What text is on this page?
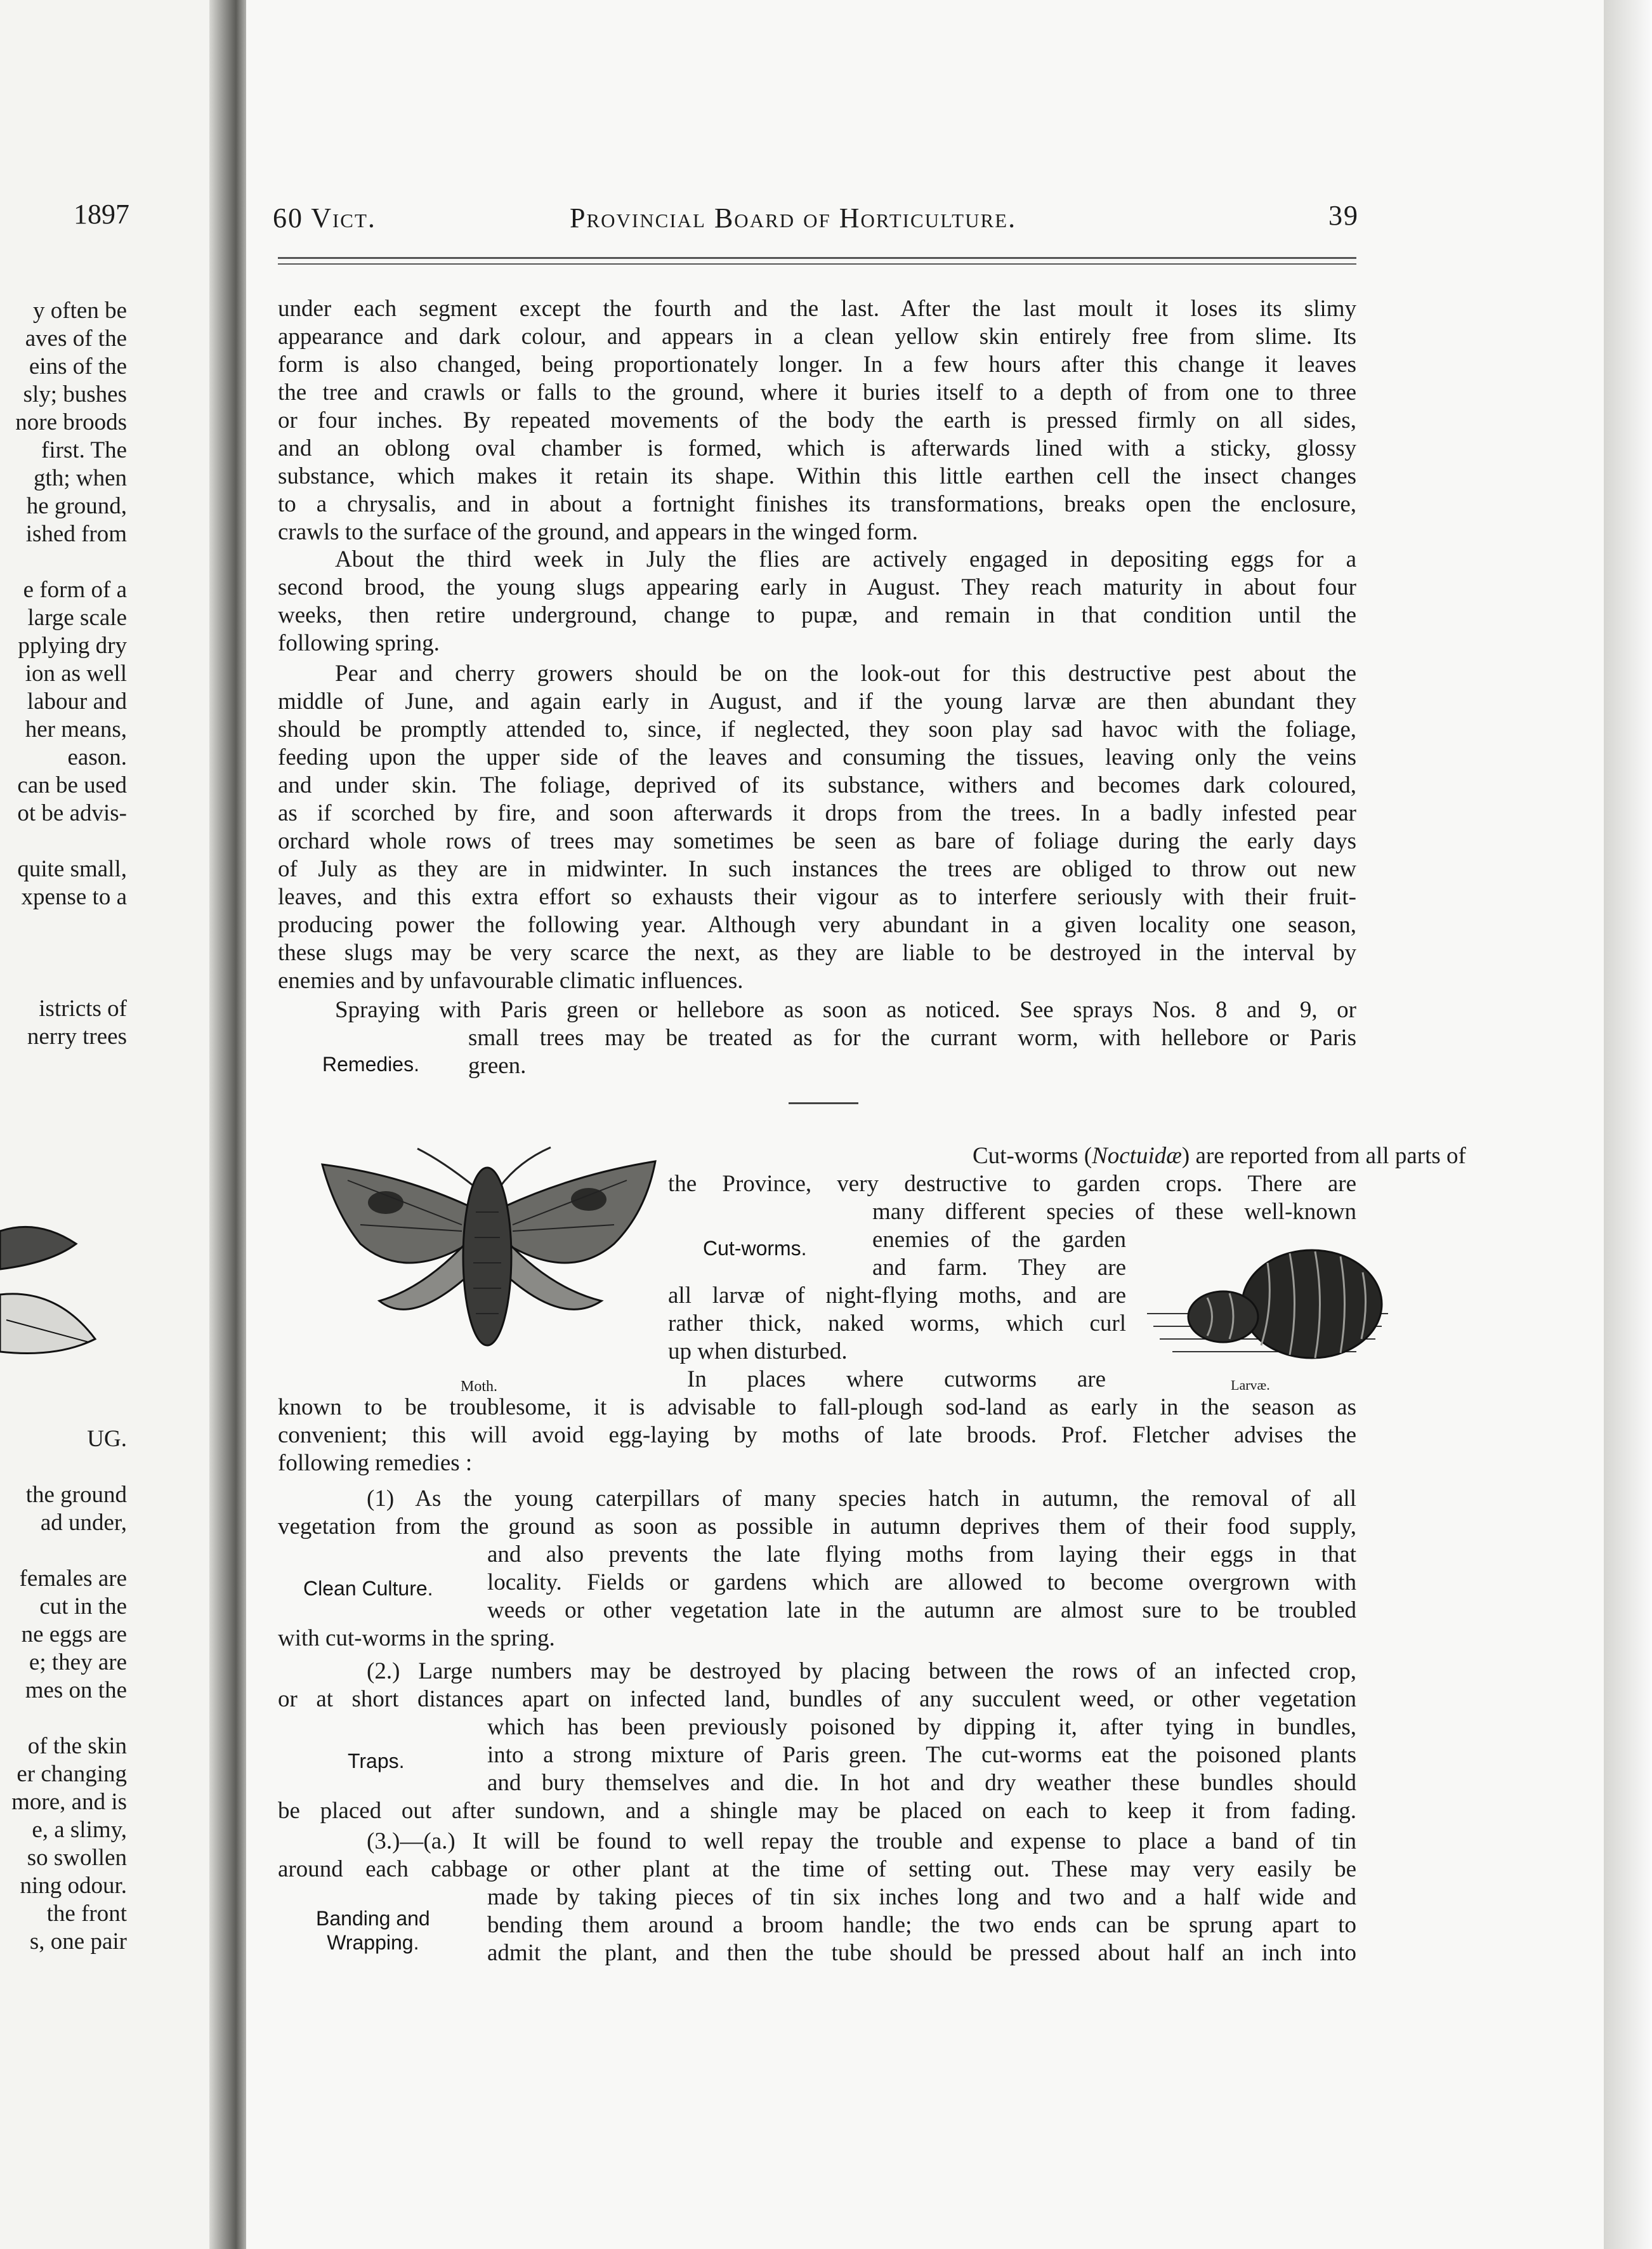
y often be
aves of the
eins of the
sly; bushes
nore broods
first. The
gth; when
he ground,
ished from
e form of a
large scale
pplying dry
ion as well
labour and
her means,
eason.
can be used
ot be advis-
quite small,
xpense to a
istricts of
nerry trees
UG.
the ground
ad under,
females are
cut in the
ne eggs are
e; they are
mes on the
of the skin
er changing
more, and is
e, a slimy,
so swollen
ning odour.
the front
s, one pair
1897	60 Vict.	Provincial Board of Horticulture.	39
under each segment except the fourth and the last. After the last moult it loses its slimy
appearance and dark colour, and appears in a clean yellow skin entirely free from slime. Its
form is also changed, being proportionately longer. In a few hours after this change it leaves
the tree and crawls or falls to the ground, where it buries itself to a depth of from one to three
or four inches. By repeated movements of the body the earth is pressed firmly on all sides,
and an oblong oval chamber is formed, which is afterwards lined with a sticky, glossy
substance, which makes it retain its shape. Within this little earthen cell the insect changes
to a chrysalis, and in about a fortnight finishes its transformations, breaks open the enclosure,
crawls to the surface of the ground, and appears in the winged form.
About the third week in July the flies are actively engaged in depositing eggs for a
second brood, the young slugs appearing early in August. They reach maturity in about four
weeks, then retire underground, change to pupæ, and remain in that condition until the
following spring.
Pear and cherry growers should be on the look-out for this destructive pest about the
middle of June, and again early in August, and if the young larvæ are then abundant they
should be promptly attended to, since, if neglected, they soon play sad havoc with the foliage,
feeding upon the upper side of the leaves and consuming the tissues, leaving only the veins
and under skin. The foliage, deprived of its substance, withers and becomes dark coloured,
as if scorched by fire, and soon afterwards it drops from the trees. In a badly infested pear
orchard whole rows of trees may sometimes be seen as bare of foliage during the early days
of July as they are in midwinter. In such instances the trees are obliged to throw out new
leaves, and this extra effort so exhausts their vigour as to interfere seriously with their fruit-
producing power the following year. Although very abundant in a given locality one season,
these slugs may be very scarce the next, as they are liable to be destroyed in the interval by
enemies and by unfavourable climatic influences.
Spraying with Paris green or hellebore as soon as noticed. See sprays Nos. 8 and 9, or
small trees may be treated as for the currant worm, with hellebore or Paris
green.
Cut-worms (Noctuidæ) are reported from all parts of
the Province, very destructive to garden crops. There are
many different species of these well-known
enemies of the garden
and farm. They are
all larvæ of night-flying moths, and are
rather thick, naked worms, which curl
up when disturbed.
In places where cutworms are
known to be troublesome, it is advisable to fall-plough sod-land as early in the season as
convenient; this will avoid egg-laying by moths of late broods. Prof. Fletcher advises the
following remedies :
(1) As the young caterpillars of many species hatch in autumn, the removal of all
vegetation from the ground as soon as possible in autumn deprives them of their food supply,
and also prevents the late flying moths from laying their eggs in that
locality. Fields or gardens which are allowed to become overgrown with
weeds or other vegetation late in the autumn are almost sure to be troubled
with cut-worms in the spring.
(2.) Large numbers may be destroyed by placing between the rows of an infected crop,
or at short distances apart on infected land, bundles of any succulent weed, or other vegetation
which has been previously poisoned by dipping it, after tying in bundles,
into a strong mixture of Paris green. The cut-worms eat the poisoned plants
and bury themselves and die. In hot and dry weather these bundles should
be placed out after sundown, and a shingle may be placed on each to keep it from fading.
(3.)—(a.) It will be found to well repay the trouble and expense to place a band of tin
around each cabbage or other plant at the time of setting out. These may very easily be
made by taking pieces of tin six inches long and two and a half wide and
bending them around a broom handle; the two ends can be sprung apart to
admit the plant, and then the tube should be pressed about half an inch into
Remedies.
Cut-worms.
Clean Culture.
Traps.
Banding and
Wrapping.
Moth.	Larvæ.
